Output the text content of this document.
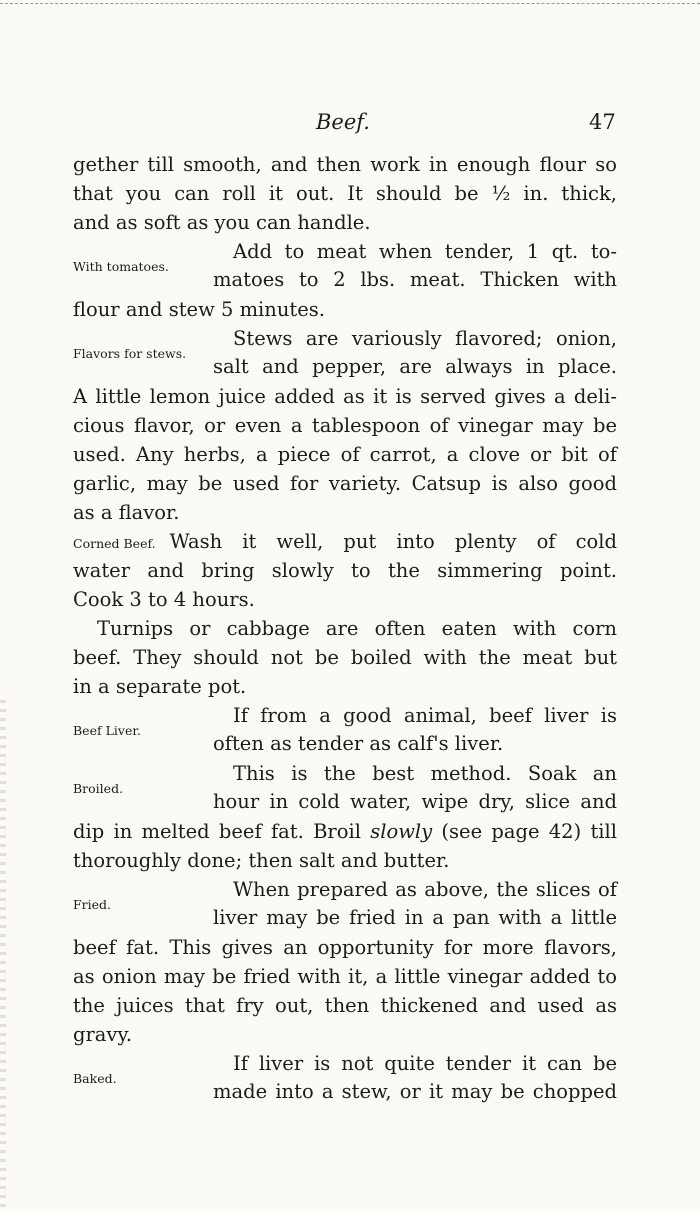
Beef.	47
gether till smooth, and then work in enough flour so
that you can roll it out. It should be ½ in. thick,
and as soft as you can handle.
With tomatoes.
Add to meat when tender, 1 qt. to-
matoes to 2 lbs. meat. Thicken with
flour and stew 5 minutes.
Flavors for stews.
Stews are variously flavored; onion,
salt and pepper, are always in place.
A little lemon juice added as it is served gives a deli-
cious flavor, or even a tablespoon of vinegar may be
used. Any herbs, a piece of carrot, a clove or bit of
garlic, may be used for variety. Catsup is also good
as a flavor.
Corned Beef. Wash it well, put into plenty of cold
water and bring slowly to the simmering point.
Cook 3 to 4 hours.
Turnips or cabbage are often eaten with corn
beef. They should not be boiled with the meat but
in a separate pot.
Beef Liver.
If from a good animal, beef liver is
often as tender as calf's liver.
Broiled.
This is the best method. Soak an
hour in cold water, wipe dry, slice and
dip in melted beef fat. Broil slowly (see page 42) till
thoroughly done; then salt and butter.
Fried.
When prepared as above, the slices of
liver may be fried in a pan with a little
beef fat. This gives an opportunity for more flavors,
as onion may be fried with it, a little vinegar added to
the juices that fry out, then thickened and used as
gravy.
Baked.
If liver is not quite tender it can be
made into a stew, or it may be chopped
